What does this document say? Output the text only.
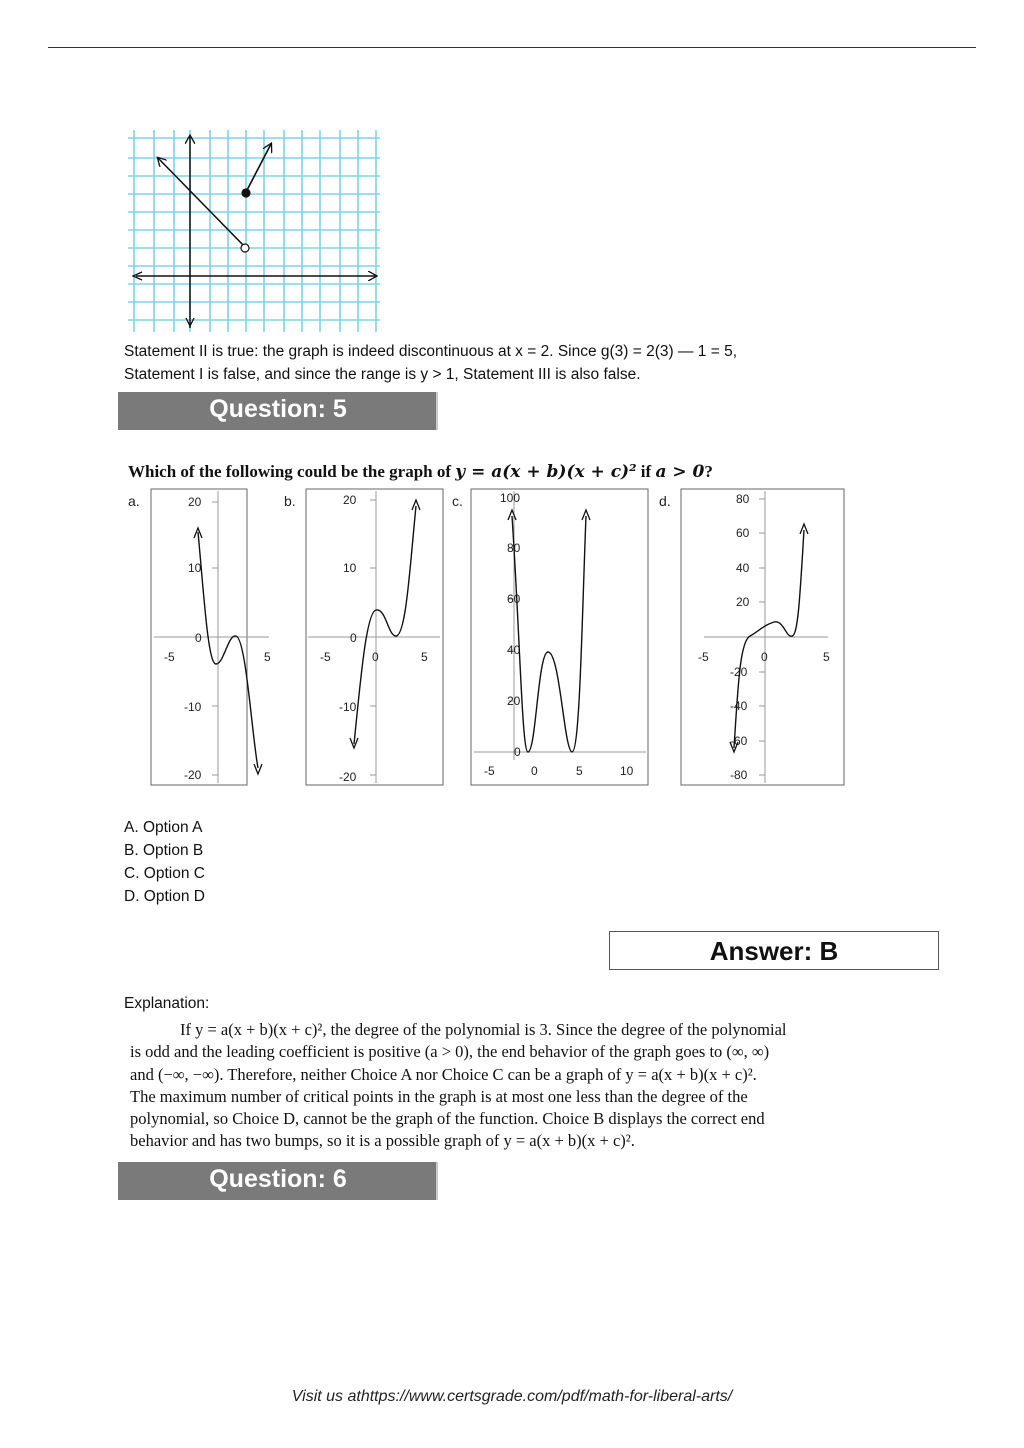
Statement II is true: the graph is indeed discontinuous at x = 2. Since g(3) = 2(3) — 1 = 5,
Statement I is false, and since the range is y > 1, Statement III is also false.
Question: 5
Which of the following could be the graph of y = a(x + b)(x + c)² if a > 0?
a.	20
10
0
-10
-20
-5	5
b.	20
10
0
-10
-20
-5	0	5
c.	100
80
60
40
20
0
-5	0	5	10
d.	80
60
40
20
-20
-40
-60
-80
-5	0	5
A. Option A
B. Option B
C. Option C
D. Option D
Answer: B
Explanation:
If y = a(x + b)(x + c)², the degree of the polynomial is 3. Since the degree of the polynomial
is odd and the leading coefficient is positive (a > 0), the end behavior of the graph goes to (∞, ∞)
and (−∞, −∞). Therefore, neither Choice A nor Choice C can be a graph of y = a(x + b)(x + c)².
The maximum number of critical points in the graph is at most one less than the degree of the
polynomial, so Choice D, cannot be the graph of the function. Choice B displays the correct end
behavior and has two bumps, so it is a possible graph of y = a(x + b)(x + c)².
Question: 6
Visit us athttps://www.certsgrade.com/pdf/math-for-liberal-arts/
